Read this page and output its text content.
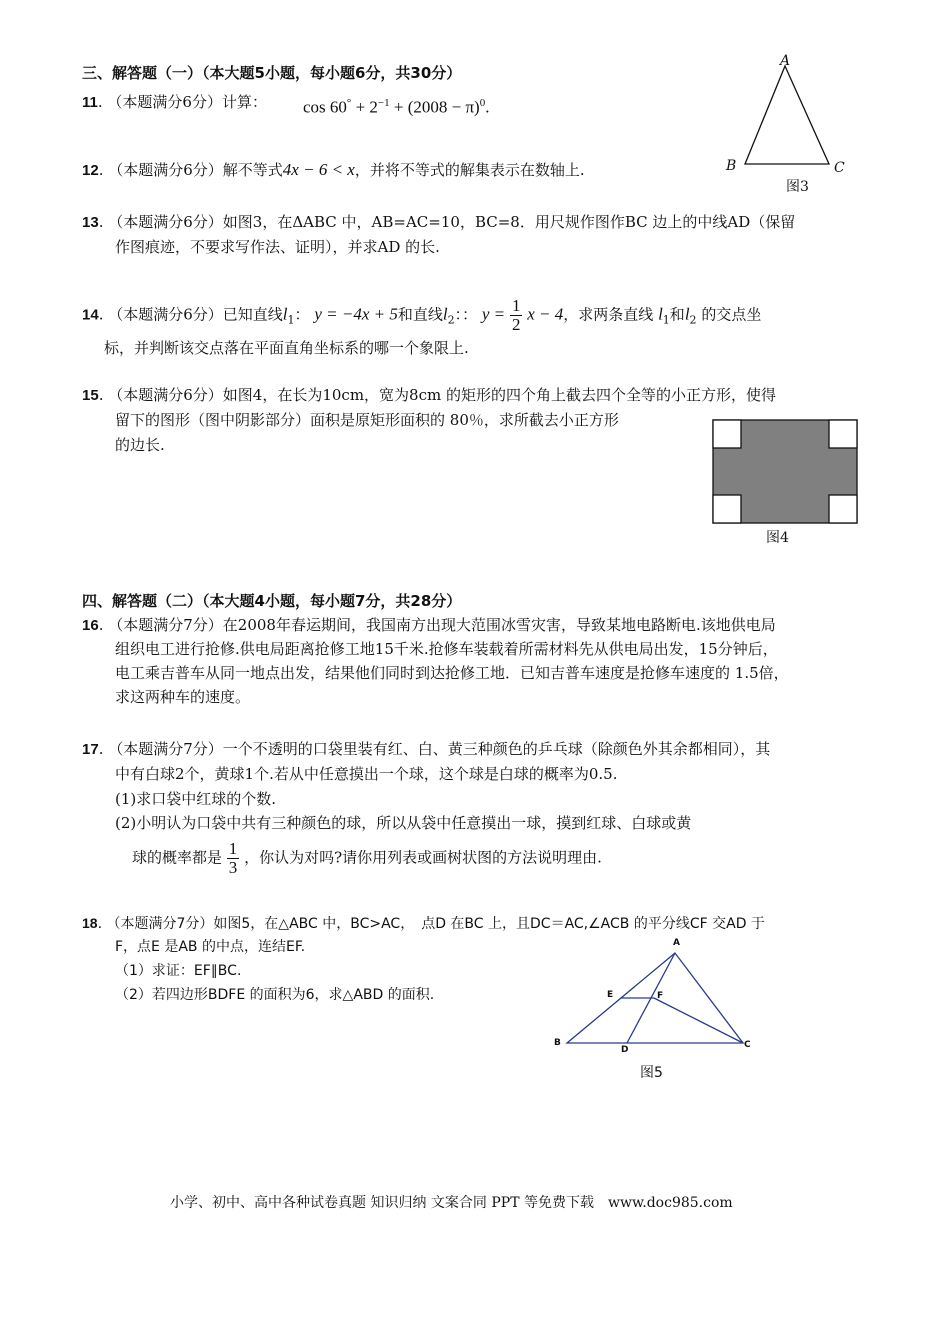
三、解答题（一）（本大题5小题，每小题6分，共30分）
11. （本题满分6分）计算： $\cos 60^\circ + 2^{-1} + (2008 - \pi)^0$.
A
B	C
图3
12. （本题满分6分）解不等式4x − 6 < x，并将不等式的解集表示在数轴上.
13. （本题满分6分）如图3，在ΔABC 中，AB=AC=10，BC=8．用尺规作图作BC 边上的中线AD（保留
作图痕迹，不要求写作法、证明），并求AD 的长.
14. （本题满分6分）已知直线$l_1$： y = −4x + 5和直线$l_2$：： $y = \frac{1}{2}$ x − 4，求两条直线 $l_1$和$l_2$ 的交点坐
标，并判断该交点落在平面直角坐标系的哪一个象限上.
15. （本题满分6分）如图4，在长为10cm，宽为8cm 的矩形的四个角上截去四个全等的小正方形，使得
留下的图形（图中阴影部分）面积是原矩形面积的 80％，求所截去小正方形
的边长.
图4
四、解答题（二）（本大题4小题，每小题7分，共28分）
16. （本题满分7分）在2008年春运期间，我国南方出现大范围冰雪灾害，导致某地电路断电.该地供电局
组织电工进行抢修.供电局距离抢修工地15千米.抢修车装载着所需材料先从供电局出发，15分钟后，
电工乘吉普车从同一地点出发，结果他们同时到达抢修工地．已知吉普车速度是抢修车速度的 1.5倍，
求这两种车的速度。
17. （本题满分7分）一个不透明的口袋里装有红、白、黄三种颜色的乒乓球（除颜色外其余都相同），其
中有白球2个，黄球1个.若从中任意摸出一个球，这个球是白球的概率为0.5.
(1)求口袋中红球的个数.
(2)小明认为口袋中共有三种颜色的球，所以从袋中任意摸出一球，摸到红球、白球或黄
球的概率都是 $\frac{1}{3}$ ，你认为对吗?请你用列表或画树状图的方法说明理由.
18. （本题满分7分）如图5，在△ABC 中，BC>AC，　点D 在BC 上，且DC＝AC,∠ACB 的平分线CF 交AD 于
F，点E 是AB 的中点，连结EF.
（1）求证：EF∥BC.
（2）若四边形BDFE 的面积为6，求△ABD 的面积.
A
B	C
D
E	F
图5
小学、初中、高中各种试卷真题 知识归纳 文案合同 PPT 等免费下载　www.doc985.com
